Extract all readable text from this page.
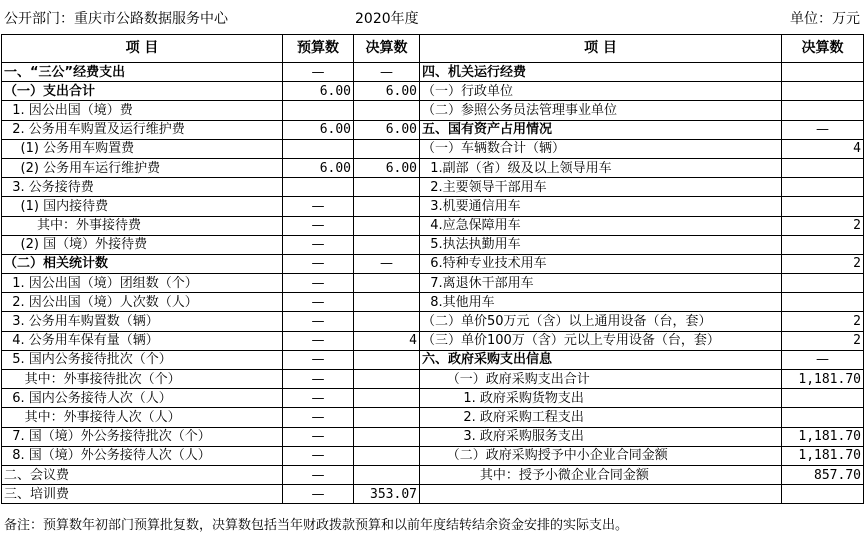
公开部门：重庆市公路数据服务中心	2020年度	单位：万元
项 目	预算数	决算数	项 目	决算数
一、“三公”经费支出	—	—	四、机关运行经费	
（一）支出合计	6.00	6.00	（一）行政单位	
1. 因公出国（境）费			（二）参照公务员法管理事业单位	
2. 公务用车购置及运行维护费	6.00	6.00	五、国有资产占用情况	—
(1) 公务用车购置费			（一）车辆数合计（辆）	4
(2) 公务用车运行维护费	6.00	6.00	1.副部（省）级及以上领导用车	
3. 公务接待费			2.主要领导干部用车	
(1) 国内接待费	—		3.机要通信用车	
其中：外事接待费	—		4.应急保障用车	2
(2) 国（境）外接待费	—		5.执法执勤用车	
（二）相关统计数	—	—	6.特种专业技术用车	2
1. 因公出国（境）团组数（个）	—		7.离退休干部用车	
2. 因公出国（境）人次数（人）	—		8.其他用车	
3. 公务用车购置数（辆）	—		（二）单价50万元（含）以上通用设备（台，套）	2
4. 公务用车保有量（辆）	—	4	（三）单价100万（含）元以上专用设备（台，套）	2
5. 国内公务接待批次（个）	—		六、政府采购支出信息	—
其中：外事接待批次（个）	—		（一）政府采购支出合计	1,181.70
6. 国内公务接待人次（人）	—		1. 政府采购货物支出	
其中：外事接待人次（人）	—		2. 政府采购工程支出	
7. 国（境）外公务接待批次（个）	—		3. 政府采购服务支出	1,181.70
8. 国（境）外公务接待人次（人）	—		（二）政府采购授予中小企业合同金额	1,181.70
二、会议费	—		其中：授予小微企业合同金额	857.70
三、培训费	—	353.07		
备注：预算数年初部门预算批复数，决算数包括当年财政拨款预算和以前年度结转结余资金安排的实际支出。
